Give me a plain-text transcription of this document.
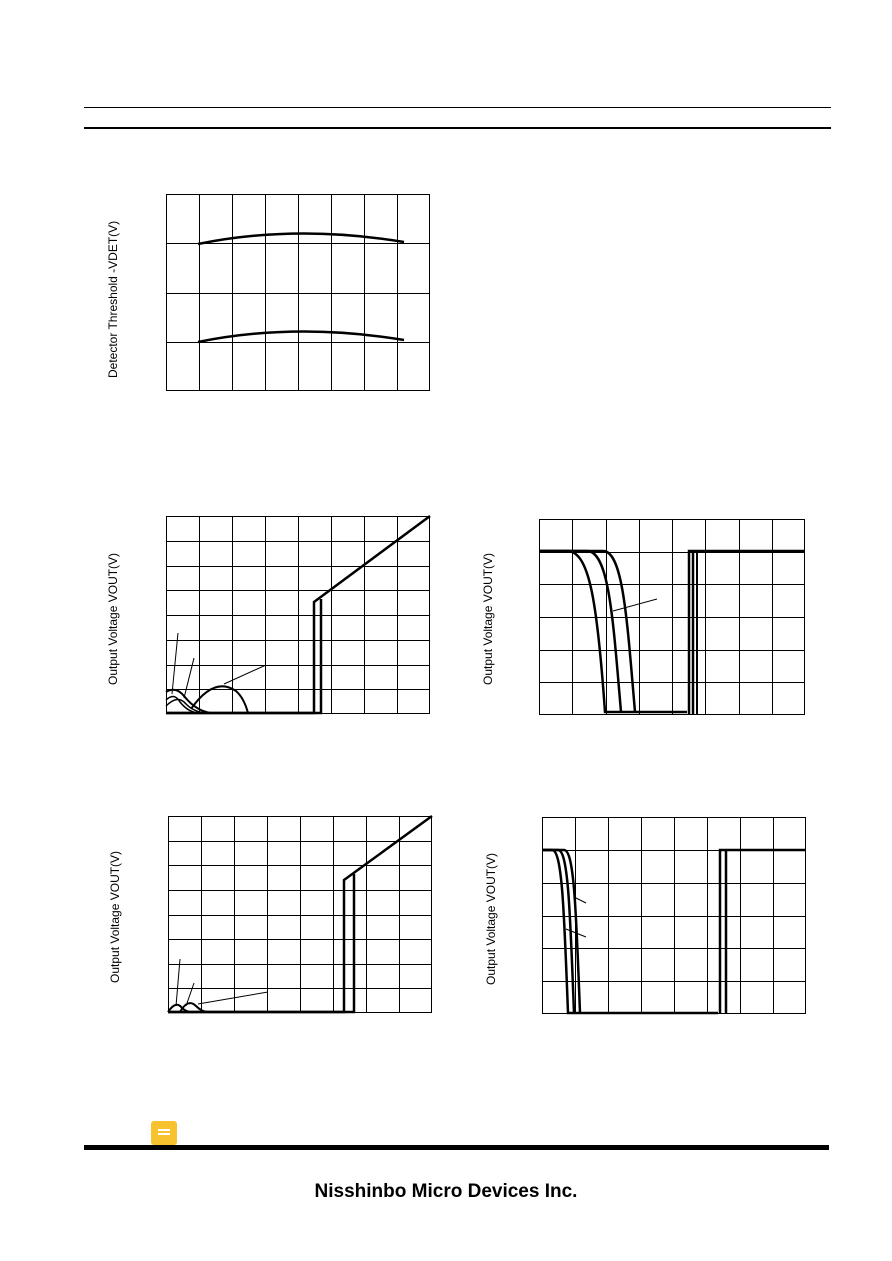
Detector Threshold -VDET(V)
Output Voltage VOUT(V)	Output Voltage VOUT(V)
Output Voltage VOUT(V)	Output Voltage VOUT(V)
Nisshinbo Micro Devices Inc.
